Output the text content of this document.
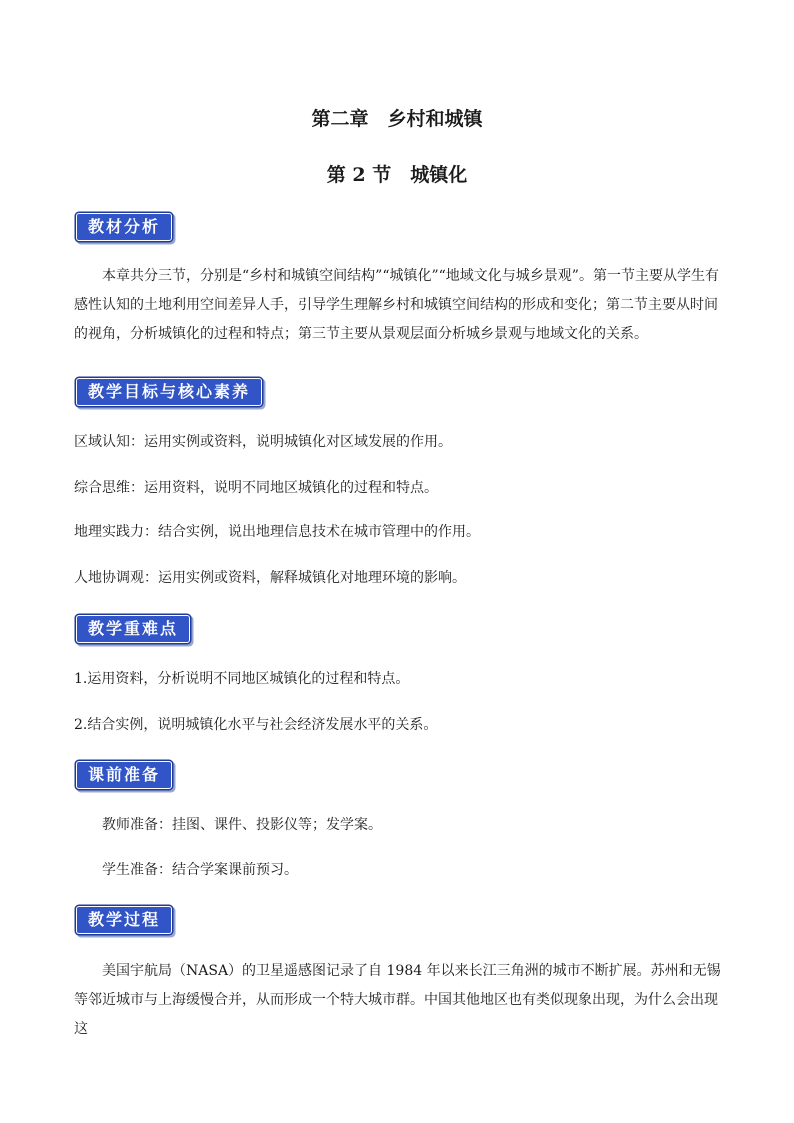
第二章　乡村和城镇
第 2 节　城镇化
教材分析

本章共分三节，分别是“乡村和城镇空间结构”“城镇化”“地域文化与城乡景观”。第一节主要从学生有感性认知的土地利用空间差异人手，引导学生理解乡村和城镇空间结构的形成和变化；第二节主要从时间的视角，分析城镇化的过程和特点；第三节主要从景观层面分析城乡景观与地域文化的关系。

教学目标与核心素养

区域认知：运用实例或资料，说明城镇化对区域发展的作用。

综合思维：运用资料，说明不同地区城镇化的过程和特点。

地理实践力：结合实例，说出地理信息技术在城市管理中的作用。

人地协调观：运用实例或资料，解释城镇化对地理环境的影响。

教学重难点

1.运用资料，分析说明不同地区城镇化的过程和特点。

2.结合实例，说明城镇化水平与社会经济发展水平的关系。

课前准备

教师准备：挂图、课件、投影仪等；发学案。

学生准备：结合学案课前预习。

教学过程

美国宇航局（NASA）的卫星遥感图记录了自 1984 年以来长江三角洲的城市不断扩展。苏州和无锡等邻近城市与上海缓慢合并，从而形成一个特大城市群。中国其他地区也有类似现象出现，为什么会出现这
